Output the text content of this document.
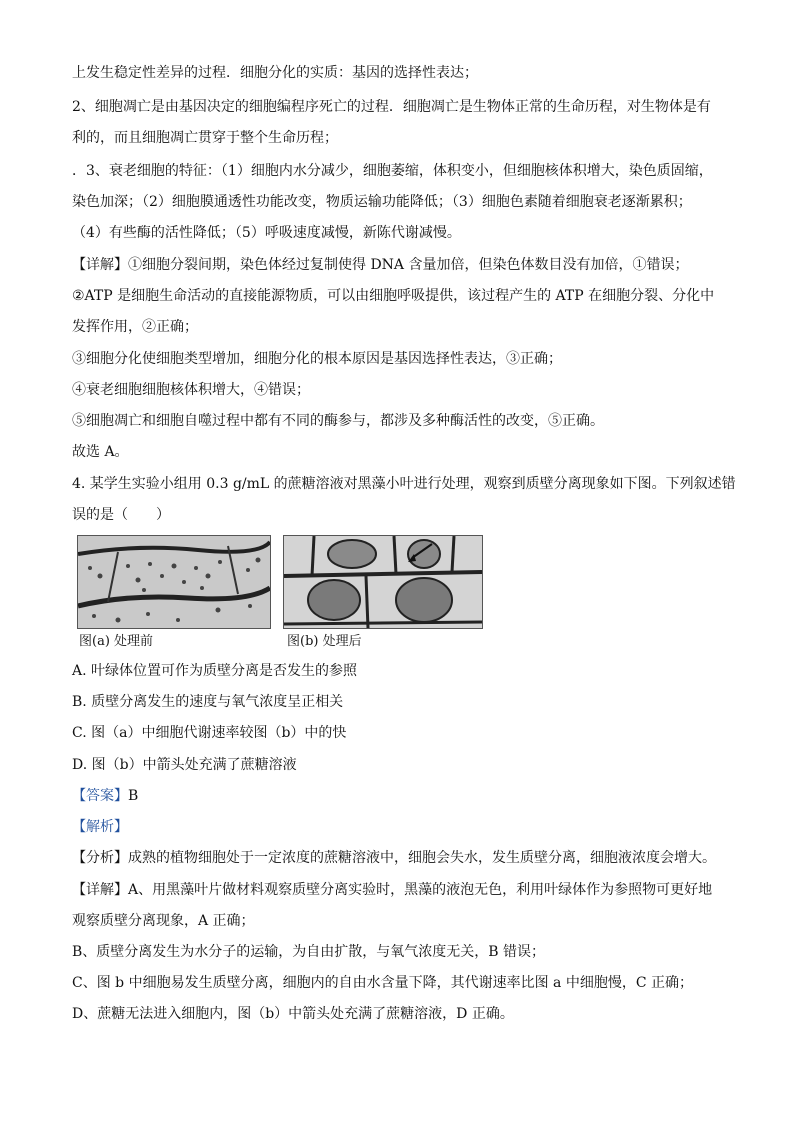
上发生稳定性差异的过程．细胞分化的实质：基因的选择性表达；
2、细胞凋亡是由基因决定的细胞编程序死亡的过程．细胞凋亡是生物体正常的生命历程，对生物体是有
利的，而且细胞凋亡贯穿于整个生命历程；
．3、衰老细胞的特征：（1）细胞内水分减少，细胞萎缩，体积变小，但细胞核体积增大，染色质固缩，
染色加深；（2）细胞膜通透性功能改变，物质运输功能降低；（3）细胞色素随着细胞衰老逐渐累积；
（4）有些酶的活性降低；（5）呼吸速度减慢，新陈代谢减慢。
【详解】①细胞分裂间期，染色体经过复制使得 DNA 含量加倍，但染色体数目没有加倍，①错误；
②ATP 是细胞生命活动的直接能源物质，可以由细胞呼吸提供，该过程产生的 ATP 在细胞分裂、分化中
发挥作用，②正确；
③细胞分化使细胞类型增加，细胞分化的根本原因是基因选择性表达，③正确；
④衰老细胞细胞核体积增大，④错误；
⑤细胞凋亡和细胞自噬过程中都有不同的酶参与，都涉及多种酶活性的改变，⑤正确。
故选 A。
4. 某学生实验小组用 0.3 g/mL 的蔗糖溶液对黑藻小叶进行处理，观察到质壁分离现象如下图。下列叙述错
误的是（　　）
图(a) 处理前	图(b) 处理后
A. 叶绿体位置可作为质壁分离是否发生的参照
B. 质壁分离发生的速度与氧气浓度呈正相关
C. 图（a）中细胞代谢速率较图（b）中的快
D. 图（b）中箭头处充满了蔗糖溶液
【答案】B
【解析】
【分析】成熟的植物细胞处于一定浓度的蔗糖溶液中，细胞会失水，发生质壁分离，细胞液浓度会增大。
【详解】A、用黑藻叶片做材料观察质壁分离实验时，黑藻的液泡无色，利用叶绿体作为参照物可更好地
观察质壁分离现象，A 正确；
B、质壁分离发生为水分子的运输，为自由扩散，与氧气浓度无关，B 错误；
C、图 b 中细胞易发生质壁分离，细胞内的自由水含量下降，其代谢速率比图 a 中细胞慢，C 正确；
D、蔗糖无法进入细胞内，图（b）中箭头处充满了蔗糖溶液，D 正确。
